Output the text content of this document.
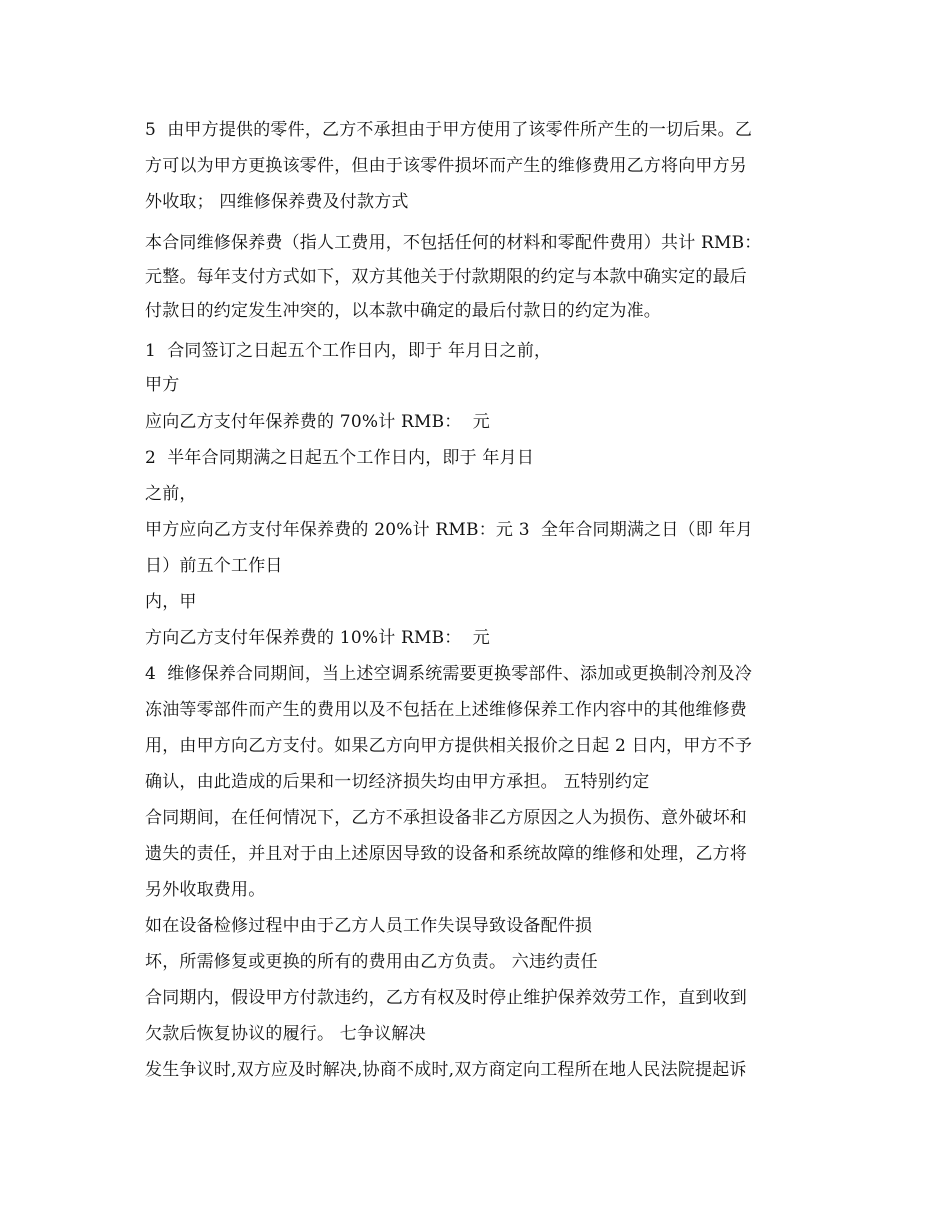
5  由甲方提供的零件，乙方不承担由于甲方使用了该零件所产生的一切后果。乙
方可以为甲方更换该零件，但由于该零件损坏而产生的维修费用乙方将向甲方另
外收取； 四维修保养费及付款方式
本合同维修保养费（指人工费用，不包括任何的材料和零配件费用）共计 RMB：
元整。每年支付方式如下，双方其他关于付款期限的约定与本款中确实定的最后
付款日的约定发生冲突的，以本款中确定的最后付款日的约定为准。
1  合同签订之日起五个工作日内，即于 年月日之前，
甲方
应向乙方支付年保养费的 70%计 RMB：  元
2  半年合同期满之日起五个工作日内，即于 年月日
之前，
甲方应向乙方支付年保养费的 20%计 RMB：元 3  全年合同期满之日（即 年月
日）前五个工作日
内，甲
方向乙方支付年保养费的 10%计 RMB：  元
4  维修保养合同期间，当上述空调系统需要更换零部件、添加或更换制冷剂及冷
冻油等零部件而产生的费用以及不包括在上述维修保养工作内容中的其他维修费
用，由甲方向乙方支付。如果乙方向甲方提供相关报价之日起 2 日内，甲方不予
确认，由此造成的后果和一切经济损失均由甲方承担。 五特别约定
合同期间，在任何情况下，乙方不承担设备非乙方原因之人为损伤、意外破坏和
遗失的责任，并且对于由上述原因导致的设备和系统故障的维修和处理，乙方将
另外收取费用。
如在设备检修过程中由于乙方人员工作失误导致设备配件损
坏，所需修复或更换的所有的费用由乙方负责。 六违约责任
合同期内，假设甲方付款违约，乙方有权及时停止维护保养效劳工作，直到收到
欠款后恢复协议的履行。 七争议解决
发生争议时,双方应及时解决,协商不成时,双方商定向工程所在地人民法院提起诉
